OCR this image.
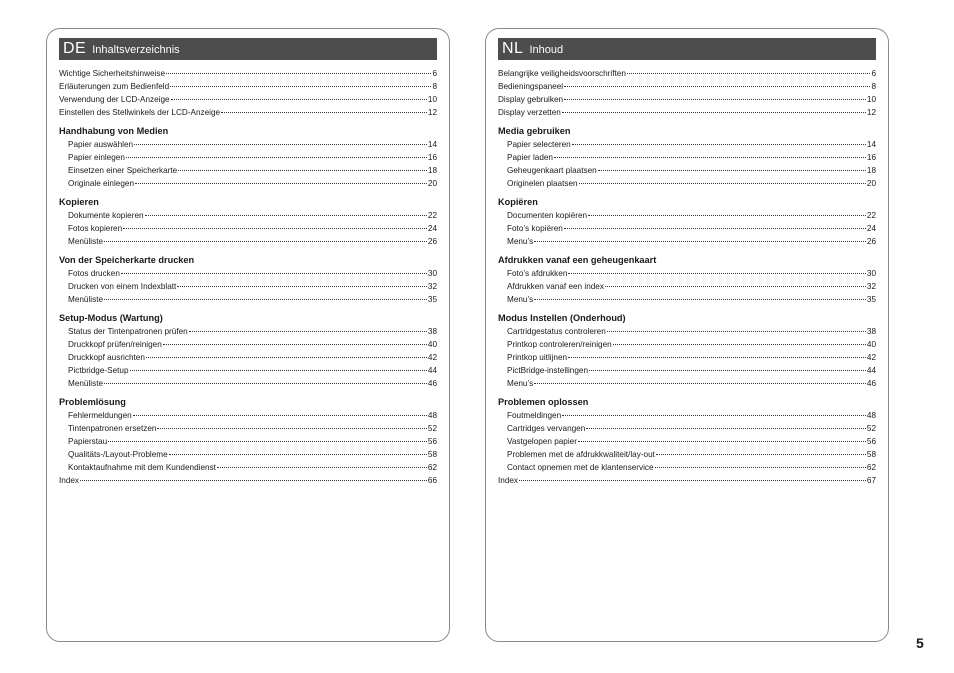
DE Inhaltsverzeichnis
Wichtige Sicherheitshinweise	6
Erläuterungen zum Bedienfeld	8
Verwendung der LCD-Anzeige	10
Einstellen des Stellwinkels der LCD-Anzeige	12
Handhabung von Medien
Papier auswählen	14
Papier einlegen	16
Einsetzen einer Speicherkarte	18
Originale einlegen	20
Kopieren
Dokumente kopieren	22
Fotos kopieren	24
Menüliste	26
Von der Speicherkarte drucken
Fotos drucken	30
Drucken von einem Indexblatt	32
Menüliste	35
Setup-Modus (Wartung)
Status der Tintenpatronen prüfen	38
Druckkopf prüfen/reinigen	40
Druckkopf ausrichten	42
Pictbridge-Setup	44
Menüliste	46
Problemlösung
Fehlermeldungen	48
Tintenpatronen ersetzen	52
Papierstau	56
Qualitäts-/Layout-Probleme	58
Kontaktaufnahme mit dem Kundendienst	62
Index	66
NL Inhoud
Belangrijke veiligheidsvoorschriften	6
Bedieningspaneel	8
Display gebruiken	10
Display verzetten	12
Media gebruiken
Papier selecteren	14
Papier laden	16
Geheugenkaart plaatsen	18
Originelen plaatsen	20
Kopiëren
Documenten kopiëren	22
Foto’s kopiëren	24
Menu’s	26
Afdrukken vanaf een geheugenkaart
Foto’s afdrukken	30
Afdrukken vanaf een index	32
Menu’s	35
Modus Instellen (Onderhoud)
Cartridgestatus controleren	38
Printkop controleren/reinigen	40
Printkop uitlijnen	42
PictBridge-instellingen	44
Menu’s	46
Problemen oplossen
Foutmeldingen	48
Cartridges vervangen	52
Vastgelopen papier	56
Problemen met de afdrukkwaliteit/lay-out	58
Contact opnemen met de klantenservice	62
Index	67
5
